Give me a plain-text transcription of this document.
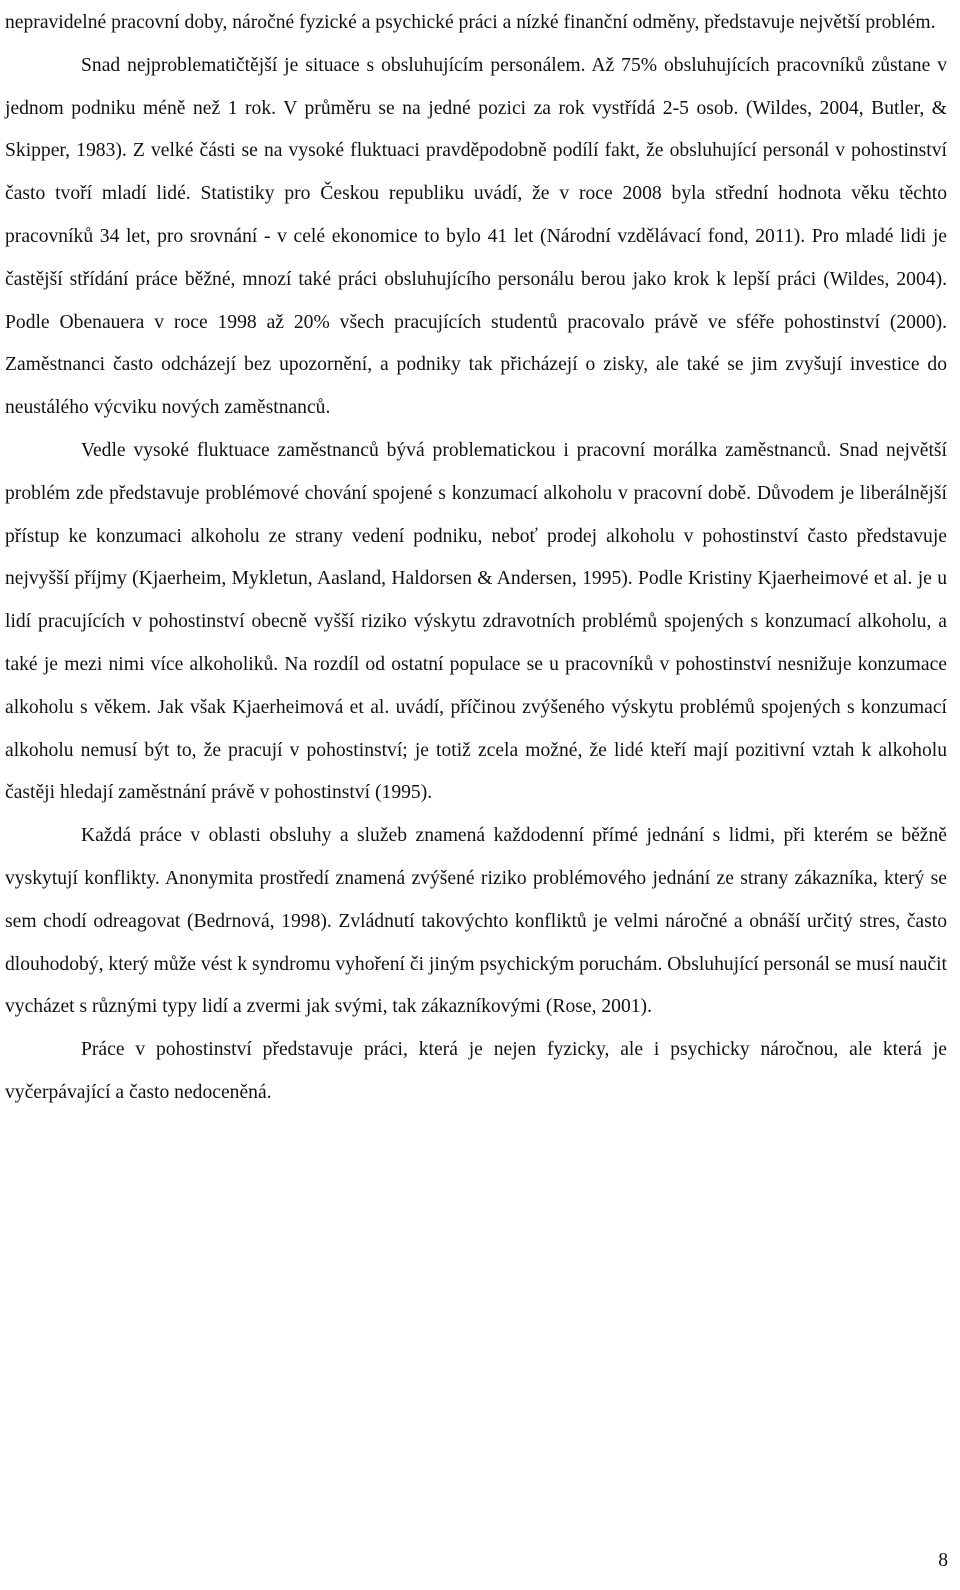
nepravidelné pracovní doby, náročné fyzické a psychické práci a nízké finanční odměny, představuje největší problém.

Snad nejproblematičtější je situace s obsluhujícím personálem. Až 75% obsluhujících pracovníků zůstane v jednom podniku méně než 1 rok. V průměru se na jedné pozici za rok vystřídá 2-5 osob. (Wildes, 2004, Butler, & Skipper, 1983). Z velké části se na vysoké fluktuaci pravděpodobně podílí fakt, že obsluhující personál v pohostinství často tvoří mladí lidé. Statistiky pro Českou republiku uvádí, že v roce 2008 byla střední hodnota věku těchto pracovníků 34 let, pro srovnání - v celé ekonomice to bylo 41 let (Národní vzdělávací fond, 2011). Pro mladé lidi je častější střídání práce běžné, mnozí také práci obsluhujícího personálu berou jako krok k lepší práci (Wildes, 2004). Podle Obenauera v roce 1998 až 20% všech pracujících studentů pracovalo právě ve sféře pohostinství (2000). Zaměstnanci často odcházejí bez upozornění, a podniky tak přicházejí o zisky, ale také se jim zvyšují investice do neustálého výcviku nových zaměstnanců.

Vedle vysoké fluktuace zaměstnanců bývá problematickou i pracovní morálka zaměstnanců. Snad největší problém zde představuje problémové chování spojené s konzumací alkoholu v pracovní době. Důvodem je liberálnější přístup ke konzumaci alkoholu ze strany vedení podniku, neboť prodej alkoholu v pohostinství často představuje nejvyšší příjmy (Kjaerheim, Mykletun, Aasland, Haldorsen & Andersen, 1995). Podle Kristiny Kjaerheimové et al. je u lidí pracujících v pohostinství obecně vyšší riziko výskytu zdravotních problémů spojených s konzumací alkoholu, a také je mezi nimi více alkoholiků. Na rozdíl od ostatní populace se u pracovníků v pohostinství nesnižuje konzumace alkoholu s věkem. Jak však Kjaerheimová et al. uvádí, příčinou zvýšeného výskytu problémů spojených s konzumací alkoholu nemusí být to, že pracují v pohostinství; je totiž zcela možné, že lidé kteří mají pozitivní vztah k alkoholu častěji hledají zaměstnání právě v pohostinství (1995).

Každá práce v oblasti obsluhy a služeb znamená každodenní přímé jednání s lidmi, při kterém se běžně vyskytují konflikty. Anonymita prostředí znamená zvýšené riziko problémového jednání ze strany zákazníka, který se sem chodí odreagovat (Bedrnová, 1998). Zvládnutí takovýchto konfliktů je velmi náročné a obnáší určitý stres, často dlouhodobý, který může vést k syndromu vyhoření či jiným psychickým poruchám. Obsluhující personál se musí naučit vycházet s různými typy lidí a zvermi jak svými, tak zákazníkovými (Rose, 2001).

Práce v pohostinství představuje práci, která je nejen fyzicky, ale i psychicky náročnou, ale která je vyčerpávající a často nedoceněná.

8
